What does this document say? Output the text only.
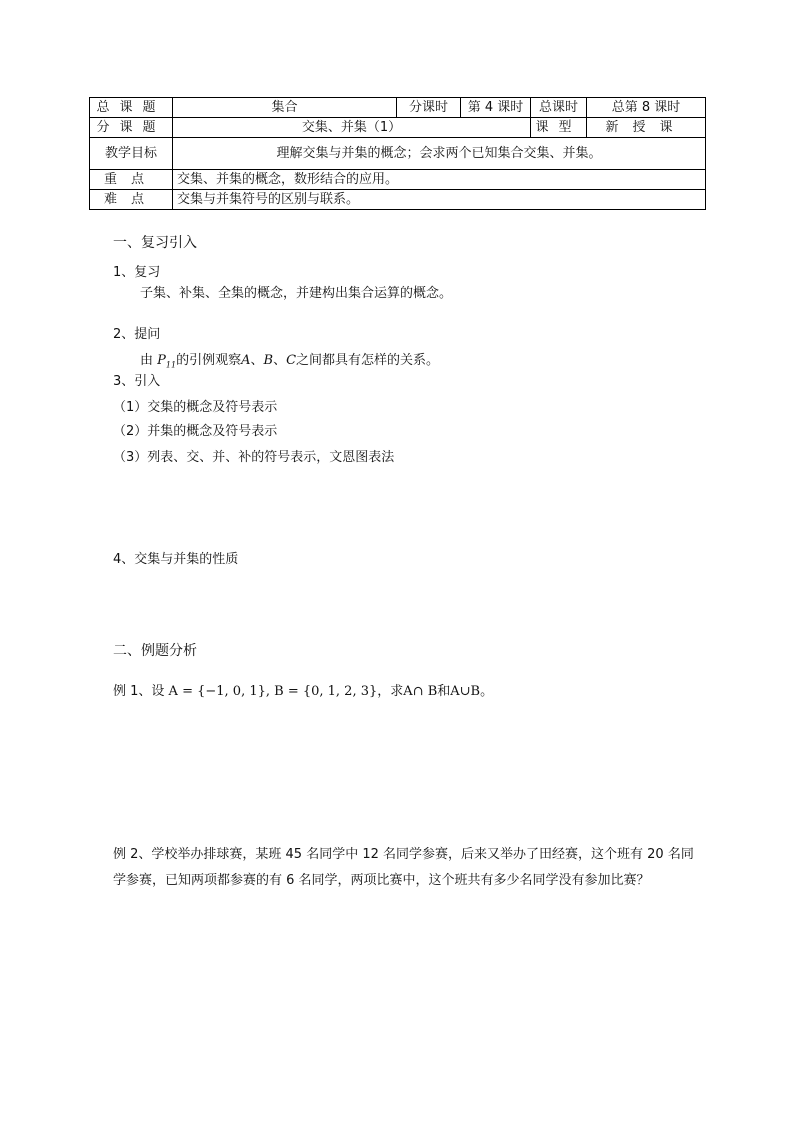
总课题	集合	分课时	第 4 课时	总课时	总第 8 课时
分课题	交集、并集（1）			课型	新授课
教学目标	理解交集与并集的概念；会求两个已知集合交集、并集。				
重点	交集、并集的概念，数形结合的应用。				
难点	交集与并集符号的区别与联系。				
一、复习引入
1、复习
子集、补集、全集的概念，并建构出集合运算的概念。
2、提问
由 $P_{11}$的引例观察A、B、C之间都具有怎样的关系。
3、引入
（1）交集的概念及符号表示
（2）并集的概念及符号表示
（3）列表、交、并、补的符号表示，文恩图表法
4、交集与并集的性质
二、例题分析
例 1、设 A = {−1, 0, 1}, B = {0, 1, 2, 3}，求A∩ B和A∪B。
例 2、学校举办排球赛，某班 45 名同学中 12 名同学参赛，后来又举办了田经赛，这个班有 20 名同学参赛，已知两项都参赛的有 6 名同学，两项比赛中，这个班共有多少名同学没有参加比赛？
